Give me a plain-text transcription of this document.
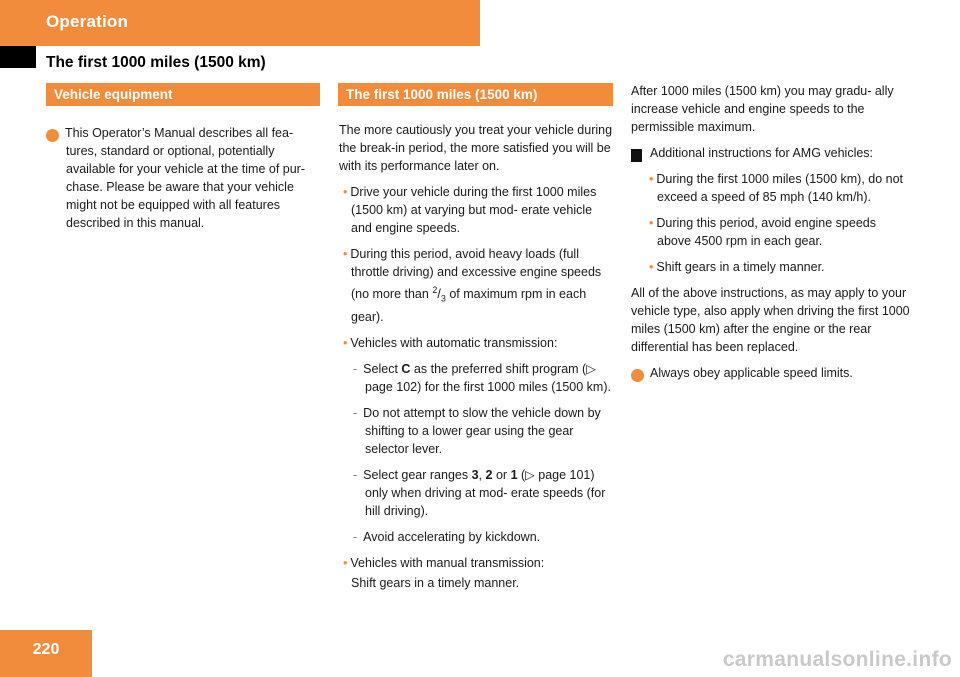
Operation
The first 1000 miles (1500 km)
Vehicle equipment

i This Operator’s Manual describes all fea- tures, standard or optional, potentially available for your vehicle at the time of pur- chase. Please be aware that your vehicle might not be equipped with all features described in this manual.

The first 1000 miles (1500 km)

The more cautiously you treat your vehicle during the break-in period, the more satisfied you will be with its performance later on.

• Drive your vehicle during the first 1000 miles (1500 km) at varying but mod- erate vehicle and engine speeds.

• During this period, avoid heavy loads (full throttle driving) and excessive engine speeds (no more than $^2/_3$ of maximum rpm in each gear).

• Vehicles with automatic transmission:

- Select C as the preferred shift program (▷ page 102) for the first 1000 miles (1500 km).

- Do not attempt to slow the vehicle down by shifting to a lower gear using the gear selector lever.

- Select gear ranges 3, 2 or 1 (▷ page 101) only when driving at mod- erate speeds (for hill driving).

- Avoid accelerating by kickdown.

• Vehicles with manual transmission:

Shift gears in a timely manner.

After 1000 miles (1500 km) you may gradu- ally increase vehicle and engine speeds to the permissible maximum.

! Additional instructions for AMG vehicles:

• During the first 1000 miles (1500 km), do not exceed a speed of 85 mph (140 km/h).

• During this period, avoid engine speeds above 4500 rpm in each gear.

• Shift gears in a timely manner.

All of the above instructions, as may apply to your vehicle type, also apply when driving the first 1000 miles (1500 km) after the engine or the rear differential has been replaced.

i Always obey applicable speed limits.

220	carmanualsonline.info
